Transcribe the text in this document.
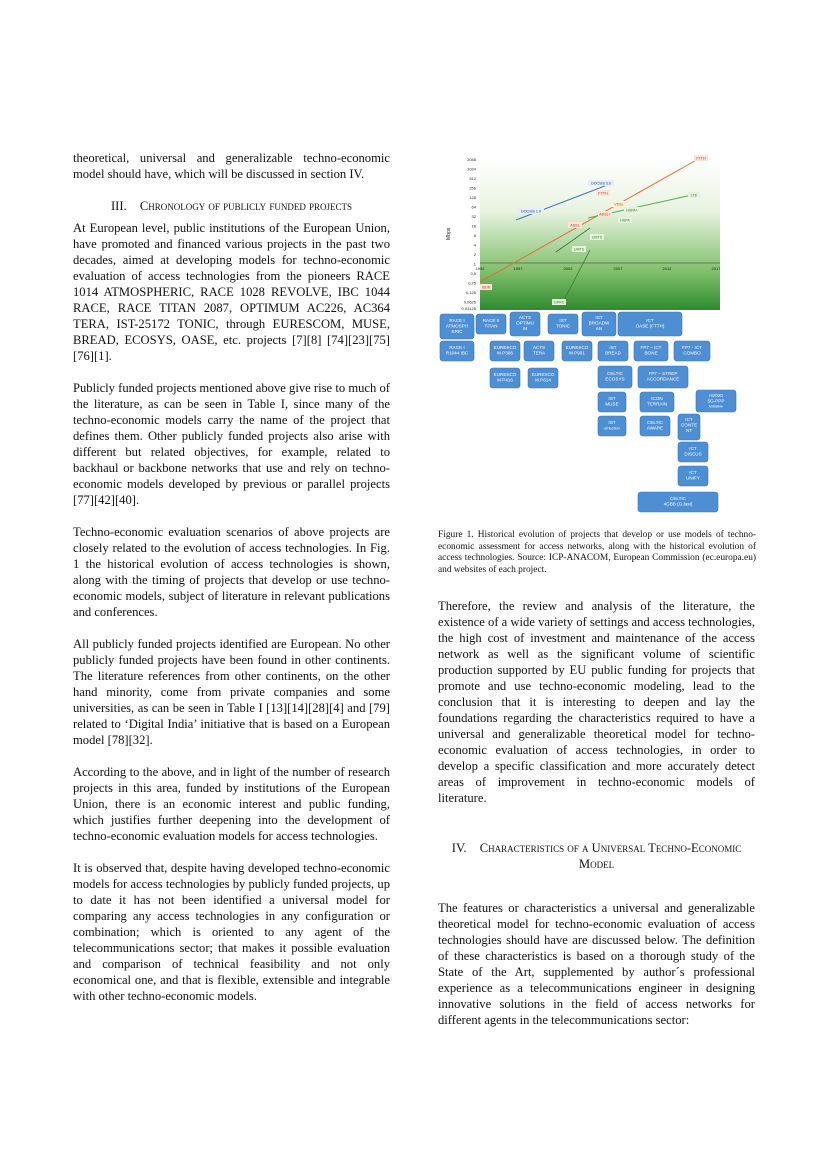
theoretical, universal and generalizable techno-economic model should have, which will be discussed in section IV.

III. Chronology of publicly funded projects

At European level, public institutions of the European Union, have promoted and financed various projects in the past two decades, aimed at developing models for techno-economic evaluation of access technologies from the pioneers RACE 1014 ATMOSPHERIC, RACE 1028 REVOLVE, IBC 1044 RACE, RACE TITAN 2087, OPTIMUM AC226, AC364 TERA, IST-25172 TONIC, through EURESCOM, MUSE, BREAD, ECOSYS, OASE, etc. projects [7][8] [74][23][75][76][1].

Publicly funded projects mentioned above give rise to much of the literature, as can be seen in Table I, since many of the techno-economic models carry the name of the project that defines them. Other publicly funded projects also arise with different but related objectives, for example, related to backhaul or backbone networks that use and rely on techno-economic models developed by previous or parallel projects [77][42][40].

Techno-economic evaluation scenarios of above projects are closely related to the evolution of access technologies. In Fig. 1 the historical evolution of access technologies is shown, along with the timing of projects that develop or use techno-economic models, subject of literature in relevant publications and conferences.

All publicly funded projects identified are European. No other publicly funded projects have been found in other continents. The literature references from other continents, on the other hand minority, come from private companies and some universities, as can be seen in Table I [13][14][28][4] and [79] related to ‘Digital India’ initiative that is based on a European model [78][32].

According to the above, and in light of the number of research projects in this area, funded by institutions of the European Union, there is an economic interest and public funding, which justifies further deepening into the development of techno-economic evaluation models for access technologies.

It is observed that, despite having developed techno-economic models for access technologies by publicly funded projects, up to date it has not been identified a universal model for comparing any access technologies in any configuration or combination; which is oriented to any agent of the telecommunications sector; that makes it possible evaluation and comparison of technical feasibility and not only economical one, and that is flexible, extensible and integrable with other techno-economic models.

Mbps
2048
1024
512
256
128
64
32
16
8
4
2
1
0,5
0,25
0,125
0,0625
0,03125
1992	1997	2002	2007	2012	2017
FTTH
DOCSIS 3.0
FTTH	LTE
VDSL
DOCSIS 1.0
ADSL+
HSPA+
HSPA
ADSL
UMTS
UMTS
ISDN
GPRS
RACE I ATMOSPH ERIC
RACE II TITAN
ACTS OPTIMU M
IST TONIC
IST BROADW AN
ICT OASE (FTTH)
RACE I R1044 IBC
EURESCO M P306
ACTS TERA
EURESCO M P901
IST BREAD
FP7 – ICT BONE
FP7 - ICT COMBO
EURESCO M P416
EURESCO M P614
CELTIC ECOSYS
FP7 – STREP ACCORDANCE
IST MUSE
ICON TERRAIN
H2020 5G-PPP Initiative
IST eFlection
CELTIC AWARE
ICT CONTE NT
ICT DISCUS
ICT UNIFY
CELTIC 4GBB (G.fast)
Figure 1. Historical evolution of projects that develop or use models of techno-economic assessment for access networks, along with the historical evolution of access technologies. Source: ICP-ANACOM, European Commission (ec.europa.eu) and websites of each project.

Therefore, the review and analysis of the literature, the existence of a wide variety of settings and access technologies, the high cost of investment and maintenance of the access network as well as the significant volume of scientific production supported by EU public funding for projects that promote and use techno-economic modeling, lead to the conclusion that it is interesting to deepen and lay the foundations regarding the characteristics required to have a universal and generalizable theoretical model for techno-economic evaluation of access technologies, in order to develop a specific classification and more accurately detect areas of improvement in techno-economic models of literature.

IV. Characteristics of a Universal Techno-Economic Model

The features or characteristics a universal and generalizable theoretical model for techno-economic evaluation of access technologies should have are discussed below. The definition of these characteristics is based on a thorough study of the State of the Art, supplemented by author´s professional experience as a telecommunications engineer in designing innovative solutions in the field of access networks for different agents in the telecommunications sector:
